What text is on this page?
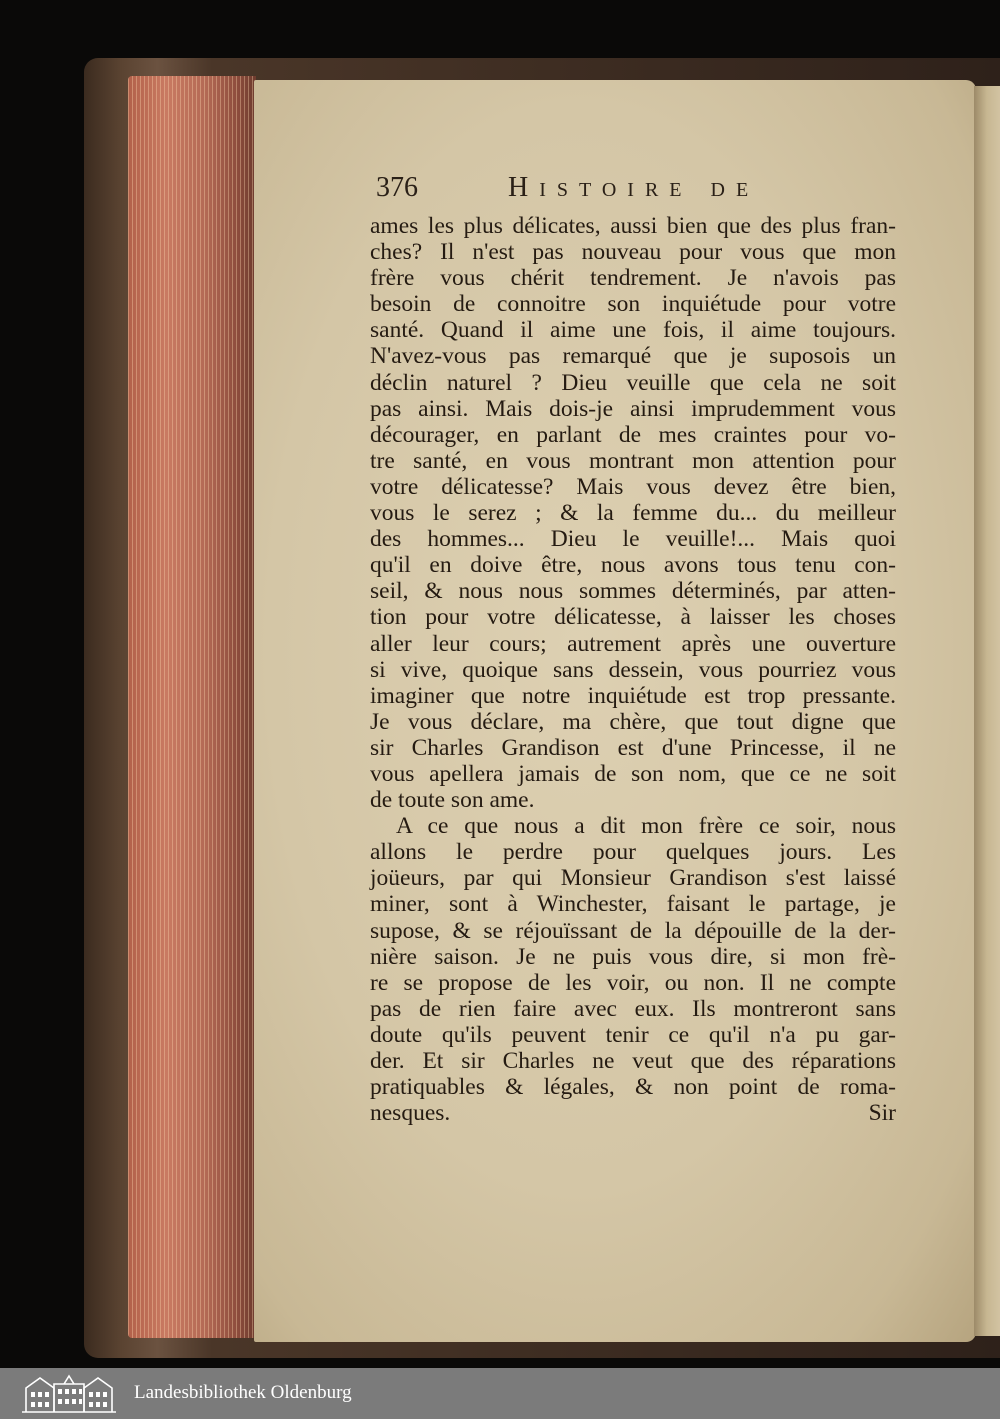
376	Histoire de
ames les plus délicates, aussi bien que des plus fran-
ches? Il n'est pas nouveau pour vous que mon
frère vous chérit tendrement. Je n'avois pas
besoin de connoitre son inquiétude pour votre
santé. Quand il aime une fois, il aime toujours.
N'avez-vous pas remarqué que je suposois un
déclin naturel ? Dieu veuille que cela ne soit
pas ainsi. Mais dois-je ainsi imprudemment vous
décourager, en parlant de mes craintes pour vo-
tre santé, en vous montrant mon attention pour
votre délicatesse? Mais vous devez être bien,
vous le serez ; & la femme du... du meilleur
des hommes... Dieu le veuille!... Mais quoi
qu'il en doive être, nous avons tous tenu con-
seil, & nous nous sommes déterminés, par atten-
tion pour votre délicatesse, à laisser les choses
aller leur cours; autrement après une ouverture
si vive, quoique sans dessein, vous pourriez vous
imaginer que notre inquiétude est trop pressante.
Je vous déclare, ma chère, que tout digne que
sir Charles Grandison est d'une Princesse, il ne
vous apellera jamais de son nom, que ce ne soit
de toute son ame.
A ce que nous a dit mon frère ce soir, nous
allons le perdre pour quelques jours. Les
joüeurs, par qui Monsieur Grandison s'est laissé
miner, sont à Winchester, faisant le partage, je
supose, & se réjouïssant de la dépouille de la der-
nière saison. Je ne puis vous dire, si mon frè-
re se propose de les voir, ou non. Il ne compte
pas de rien faire avec eux. Ils montreront sans
doute qu'ils peuvent tenir ce qu'il n'a pu gar-
der. Et sir Charles ne veut que des réparations
pratiquables & légales, & non point de roma-
nesques.	Sir
Landesbibliothek Oldenburg
